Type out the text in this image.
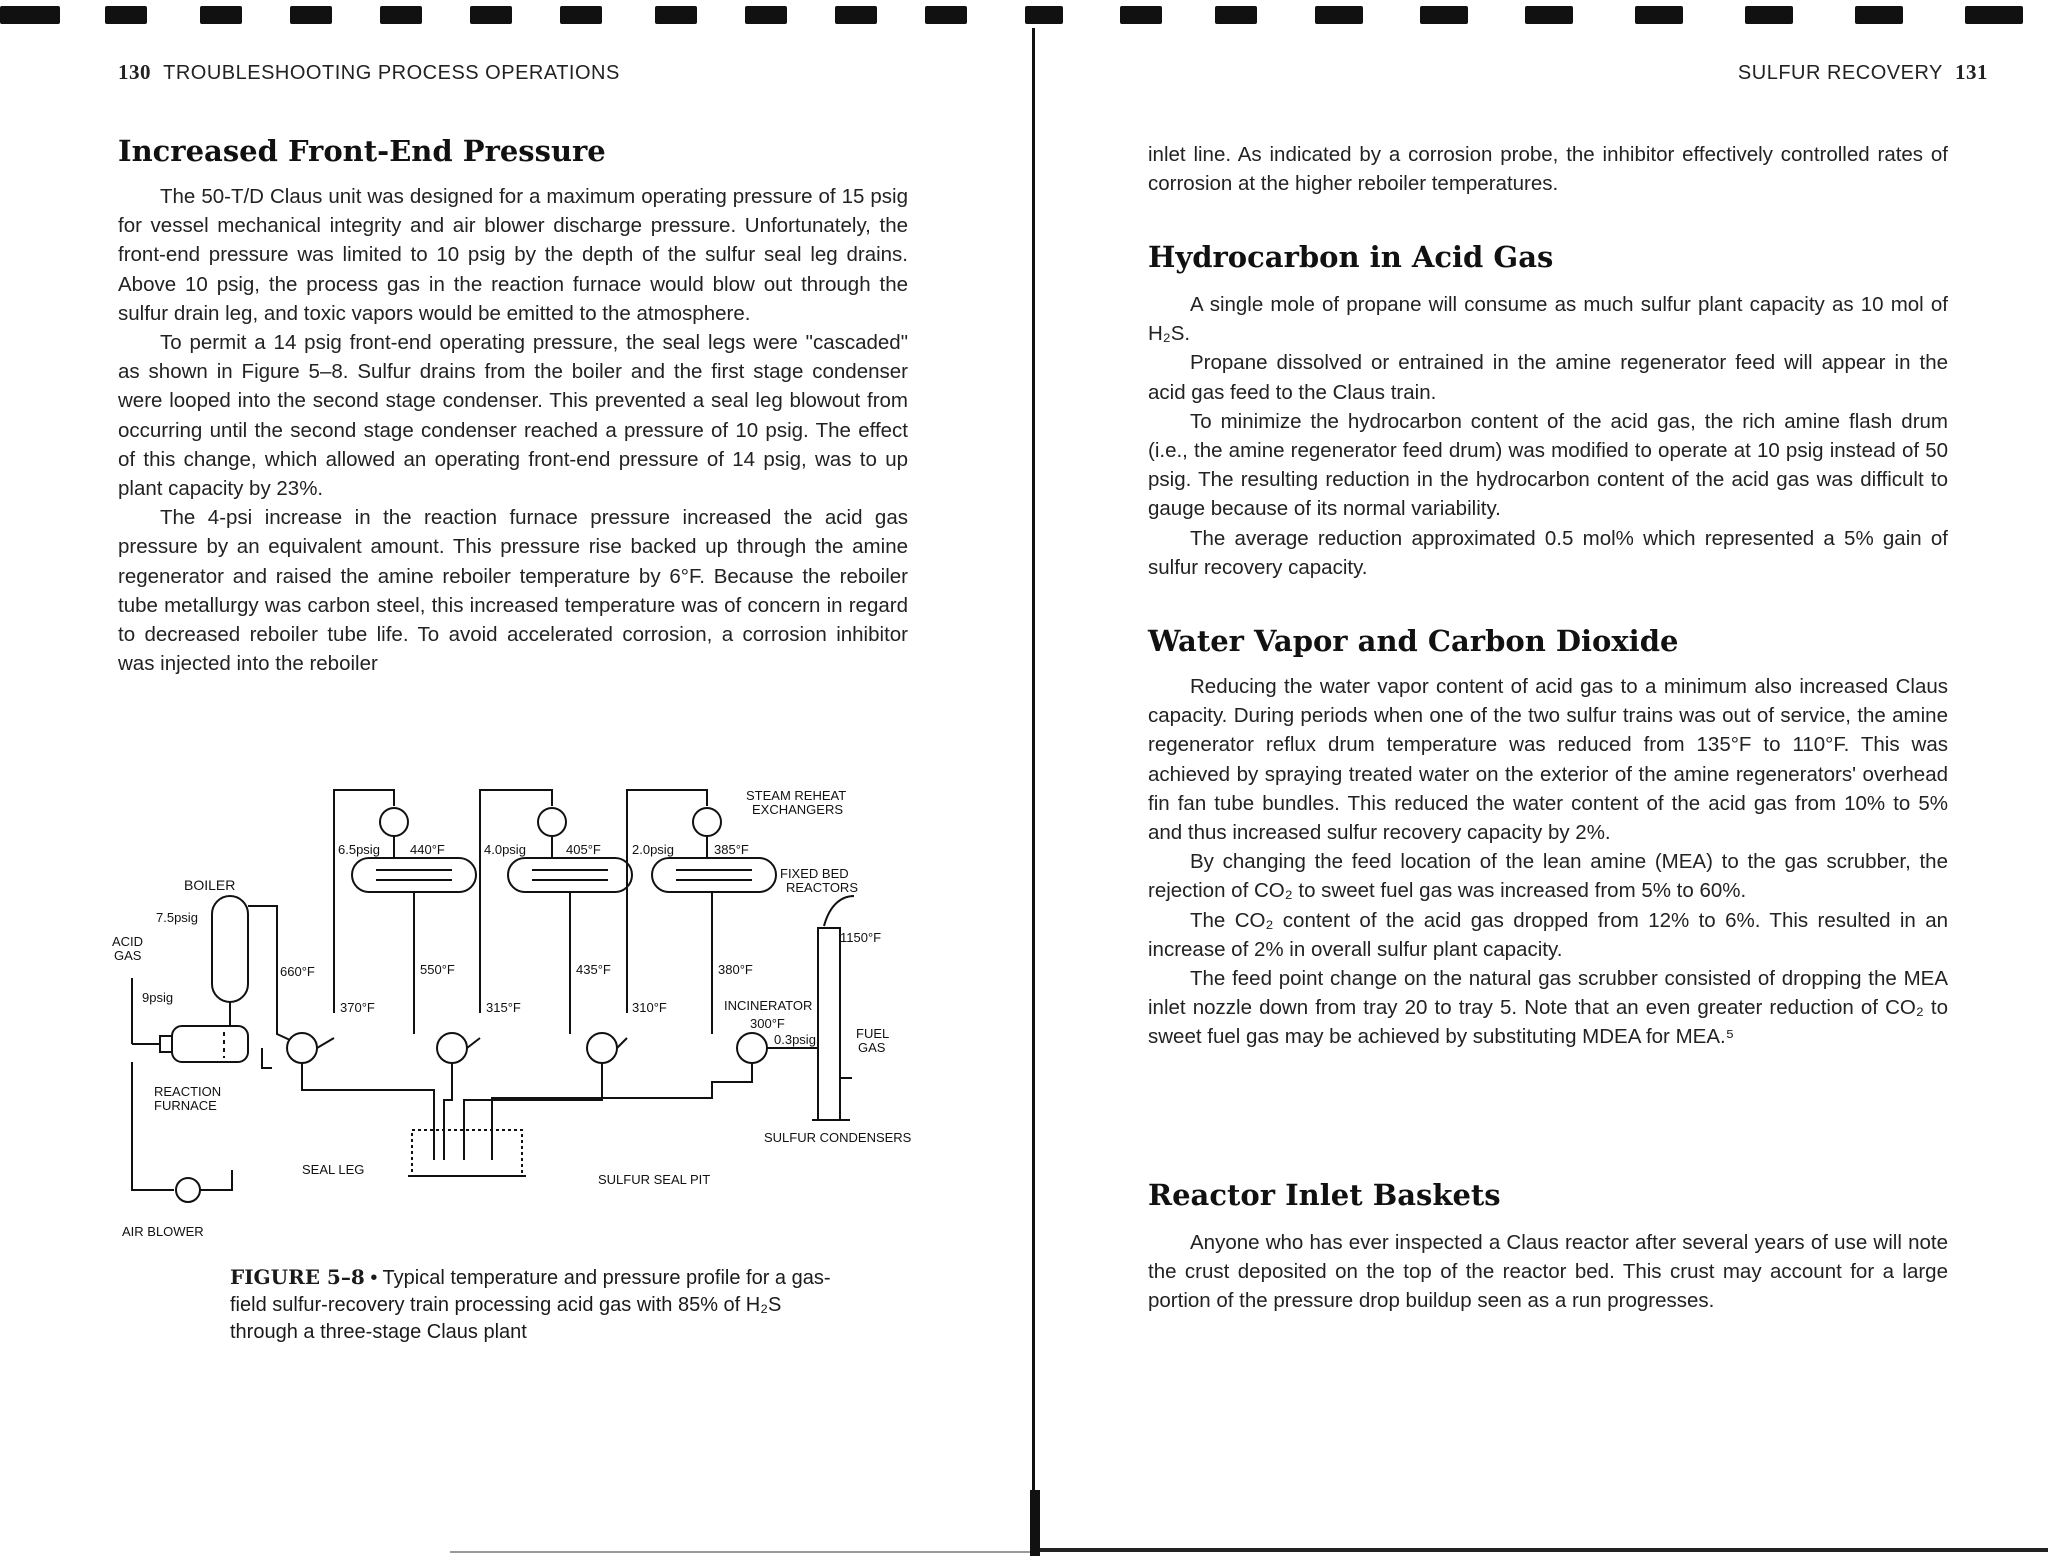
130 TROUBLESHOOTING PROCESS OPERATIONS
Increased Front-End Pressure

The 50-T/D Claus unit was designed for a maximum operating pressure of 15 psig for vessel mechanical integrity and air blower discharge pressure. Unfortunately, the front-end pressure was limited to 10 psig by the depth of the sulfur seal leg drains. Above 10 psig, the process gas in the reaction furnace would blow out through the sulfur drain leg, and toxic vapors would be emitted to the atmosphere.

To permit a 14 psig front-end operating pressure, the seal legs were "cascaded" as shown in Figure 5–8. Sulfur drains from the boiler and the first stage condenser were looped into the second stage condenser. This prevented a seal leg blowout from occurring until the second stage condenser reached a pressure of 10 psig. The effect of this change, which allowed an operating front-end pressure of 14 psig, was to up plant capacity by 23%.

The 4-psi increase in the reaction furnace pressure increased the acid gas pressure by an equivalent amount. This pressure rise backed up through the amine regenerator and raised the amine reboiler temperature by 6°F. Because the reboiler tube metallurgy was carbon steel, this increased temperature was of concern in regard to decreased reboiler tube life. To avoid accelerated corrosion, a corrosion inhibitor was injected into the reboiler

STEAM REHEAT
EXCHANGERS
FIXED BED
REACTORS
BOILER
ACID
GAS
INCINERATOR
FUEL
GAS
REACTION
FURNACE
SEAL LEG
SULFUR SEAL PIT
SULFUR CONDENSERS
AIR BLOWER
6.5psig 440°F	4.0psig	405°F 2.0psig	385°F
7.5psig
9psig
660°F	550°F	435°F	380°F
370°F	315°F	310°F
1150°F
300°F
0.3psig
FIGURE 5–8 • Typical temperature and pressure profile for a gas-field sulfur-recovery train processing acid gas with 85% of H₂S through a three-stage Claus plant
SULFUR RECOVERY 131

inlet line. As indicated by a corrosion probe, the inhibitor effectively controlled rates of corrosion at the higher reboiler temperatures.

Hydrocarbon in Acid Gas

A single mole of propane will consume as much sulfur plant capacity as 10 mol of H₂S.

Propane dissolved or entrained in the amine regenerator feed will appear in the acid gas feed to the Claus train.

To minimize the hydrocarbon content of the acid gas, the rich amine flash drum (i.e., the amine regenerator feed drum) was modified to operate at 10 psig instead of 50 psig. The resulting reduction in the hydrocarbon content of the acid gas was difficult to gauge because of its normal variability.

The average reduction approximated 0.5 mol% which represented a 5% gain of sulfur recovery capacity.

Water Vapor and Carbon Dioxide

Reducing the water vapor content of acid gas to a minimum also increased Claus capacity. During periods when one of the two sulfur trains was out of service, the amine regenerator reflux drum temperature was reduced from 135°F to 110°F. This was achieved by spraying treated water on the exterior of the amine regenerators' overhead fin fan tube bundles. This reduced the water content of the acid gas from 10% to 5% and thus increased sulfur recovery capacity by 2%.

By changing the feed location of the lean amine (MEA) to the gas scrubber, the rejection of CO₂ to sweet fuel gas was increased from 5% to 60%.

The CO₂ content of the acid gas dropped from 12% to 6%. This resulted in an increase of 2% in overall sulfur plant capacity.

The feed point change on the natural gas scrubber consisted of dropping the MEA inlet nozzle down from tray 20 to tray 5. Note that an even greater reduction of CO₂ to sweet fuel gas may be achieved by substituting MDEA for MEA.⁵

Reactor Inlet Baskets

Anyone who has ever inspected a Claus reactor after several years of use will note the crust deposited on the top of the reactor bed. This crust may account for a large portion of the pressure drop buildup seen as a run progresses.
